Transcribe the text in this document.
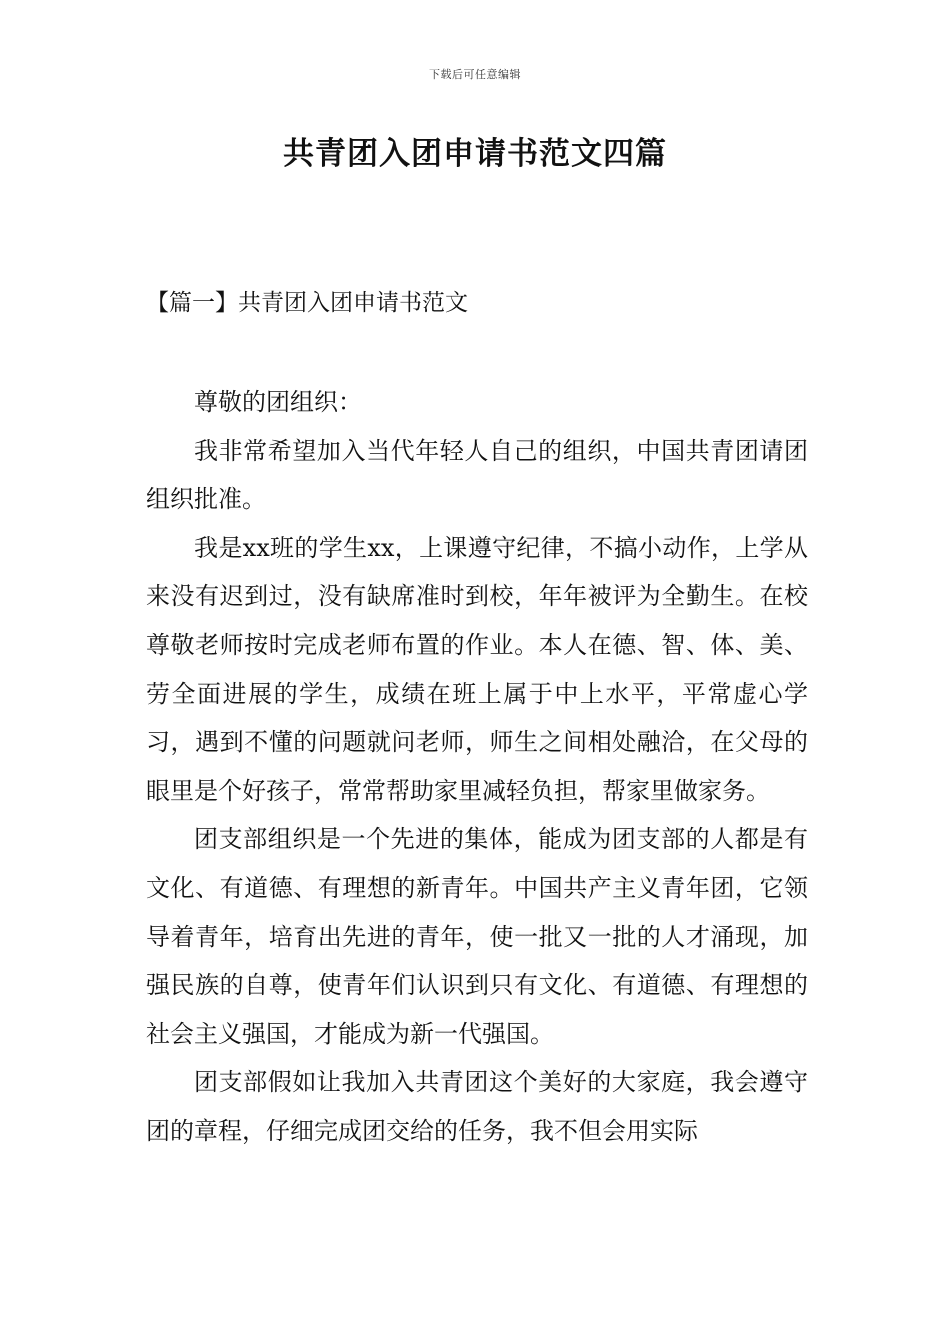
下载后可任意编辑
共青团入团申请书范文四篇
【篇一】共青团入团申请书范文

尊敬的团组织：

我非常希望加入当代年轻人自己的组织，中国共青团请团组织批准。

我是xx班的学生xx，上课遵守纪律，不搞小动作，上学从来没有迟到过，没有缺席准时到校，年年被评为全勤生。在校尊敬老师按时完成老师布置的作业。本人在德、智、体、美、劳全面进展的学生，成绩在班上属于中上水平，平常虚心学习，遇到不懂的问题就问老师，师生之间相处融洽，在父母的眼里是个好孩子，常常帮助家里减轻负担，帮家里做家务。

团支部组织是一个先进的集体，能成为团支部的人都是有文化、有道德、有理想的新青年。中国共产主义青年团，它领导着青年，培育出先进的青年，使一批又一批的人才涌现，加强民族的自尊，使青年们认识到只有文化、有道德、有理想的社会主义强国，才能成为新一代强国。

团支部假如让我加入共青团这个美好的大家庭，我会遵守团的章程，仔细完成团交给的任务，我不但会用实际
